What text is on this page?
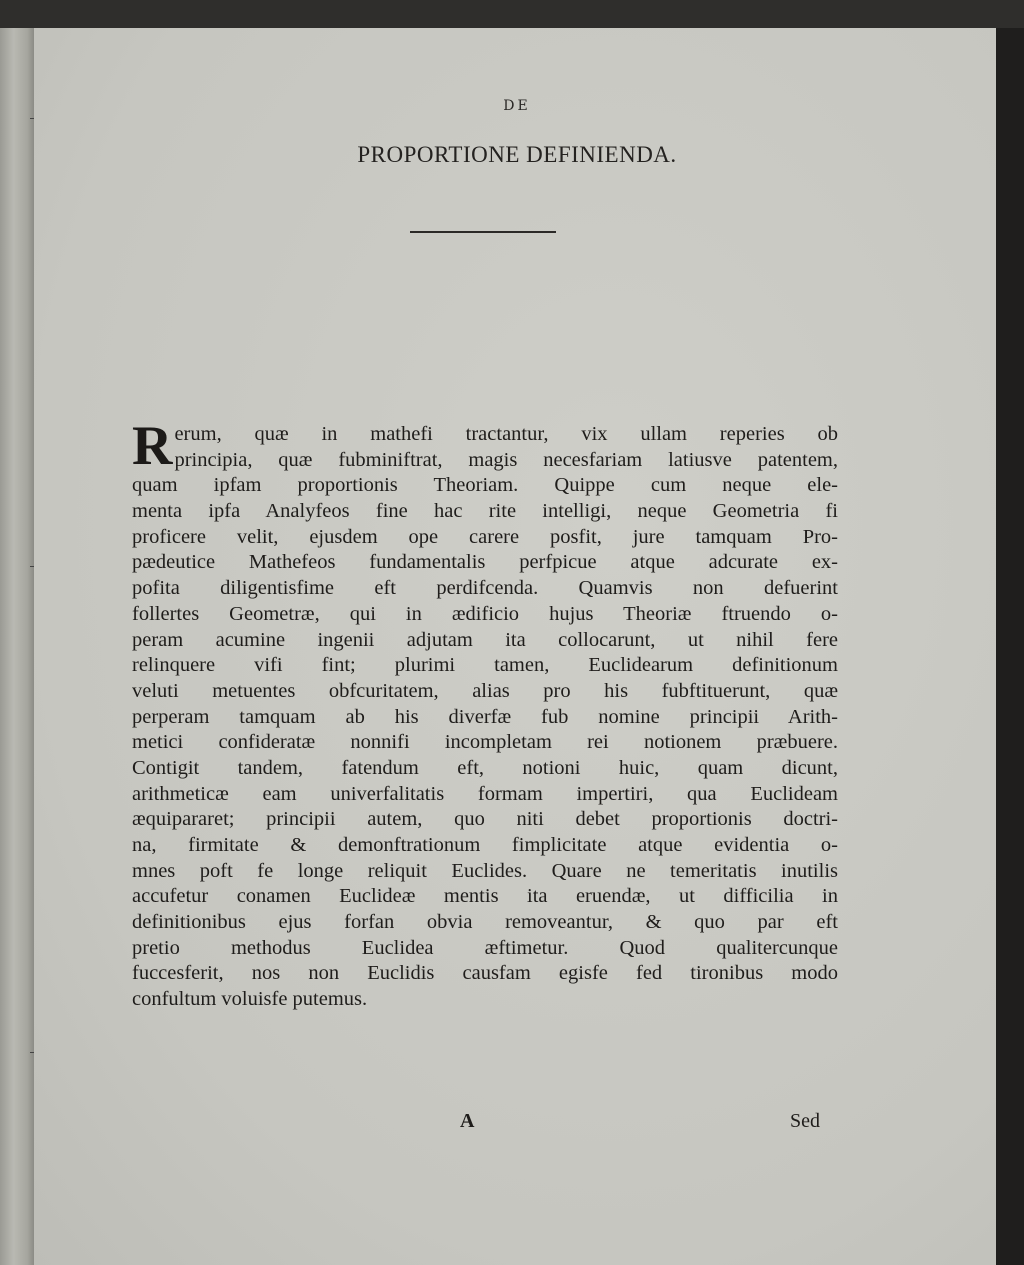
DE
PROPORTIONE DEFINIENDA.
R erum, quæ in mathefi tractantur, vix ullam reperies ob
principia, quæ fubminiftrat, magis necesfariam latiusve patentem,
quam ipfam proportionis Theoriam. Quippe cum neque ele-
menta ipfa Analyfeos fine hac rite intelligi, neque Geometria fi
proficere velit, ejusdem ope carere posfit, jure tamquam Pro-
pædeutice Mathefeos fundamentalis perfpicue atque adcurate ex-
pofita diligentisfime eft perdifcenda. Quamvis non defuerint
follertes Geometræ, qui in ædificio hujus Theoriæ ftruendo o-
peram acumine ingenii adjutam ita collocarunt, ut nihil fere
relinquere vifi fint; plurimi tamen, Euclidearum definitionum
veluti metuentes obfcuritatem, alias pro his fubftituerunt, quæ
perperam tamquam ab his diverfæ fub nomine principii Arith-
metici confideratæ nonnifi incompletam rei notionem præbuere.
Contigit tandem, fatendum eft, notioni huic, quam dicunt,
arithmeticæ eam univerfalitatis formam impertiri, qua Euclideam
æquipararet; principii autem, quo niti debet proportionis doctri-
na, firmitate & demonftrationum fimplicitate atque evidentia o-
mnes poft fe longe reliquit Euclides. Quare ne temeritatis inutilis
accufetur conamen Euclideæ mentis ita eruendæ, ut difficilia in
definitionibus ejus forfan obvia removeantur, & quo par eft
pretio methodus Euclidea æftimetur. Quod qualitercunque
fuccesferit, nos non Euclidis causfam egisfe fed tironibus modo
confultum voluisfe putemus.
A	Sed
